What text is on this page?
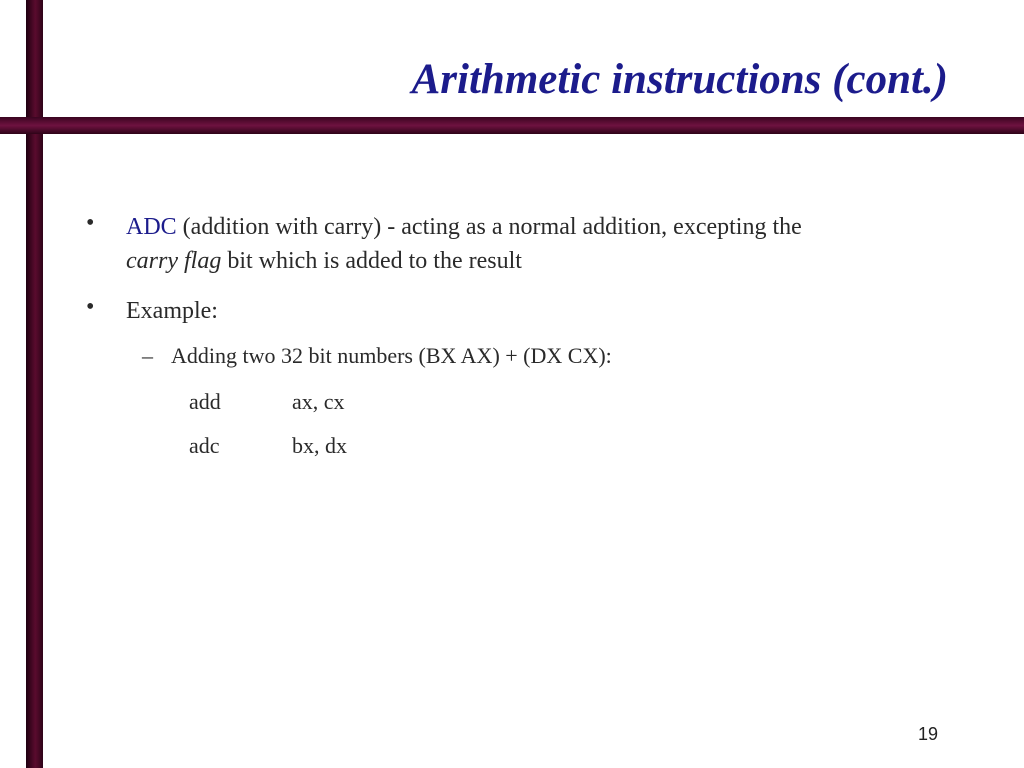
Arithmetic instructions (cont.)
• ADC (addition with carry) - acting as a normal addition, excepting the
carry flag bit which is added to the result
• Example:
– Adding two 32 bit numbers (BX AX) + (DX CX):
add	ax, cx
adc	bx, dx
19
